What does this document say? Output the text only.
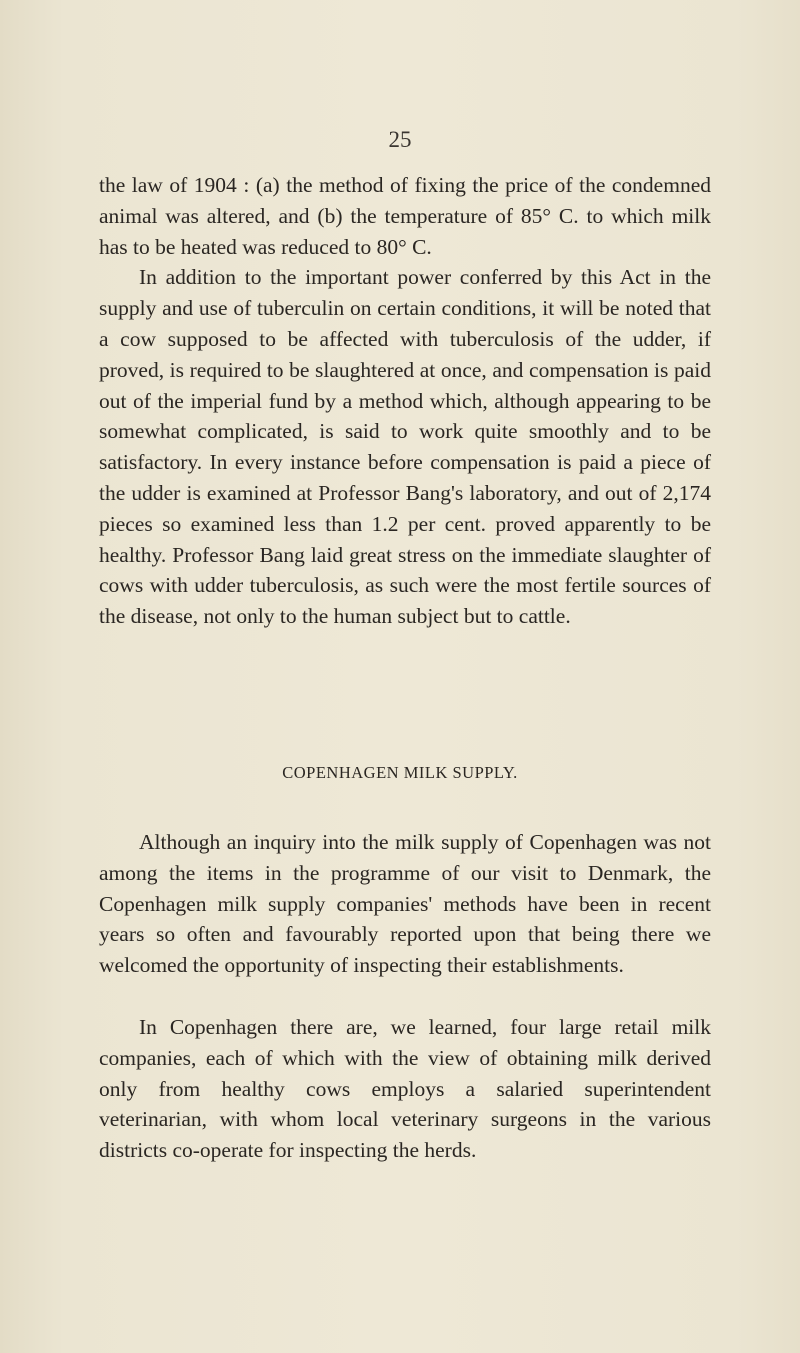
25

the law of 1904 : (a) the method of fixing the price of the condemned animal was altered, and (b) the temperature of 85° C. to which milk has to be heated was reduced to 80° C.

In addition to the important power conferred by this Act in the supply and use of tuberculin on certain conditions, it will be noted that a cow supposed to be affected with tuberculosis of the udder, if proved, is required to be slaughtered at once, and compensation is paid out of the imperial fund by a method which, although appearing to be somewhat complicated, is said to work quite smoothly and to be satisfactory. In every instance before compensation is paid a piece of the udder is examined at Professor Bang's laboratory, and out of 2,174 pieces so examined less than 1.2 per cent. proved apparently to be healthy. Professor Bang laid great stress on the immediate slaughter of cows with udder tuberculosis, as such were the most fertile sources of the disease, not only to the human subject but to cattle.

COPENHAGEN MILK SUPPLY.

Although an inquiry into the milk supply of Copenhagen was not among the items in the programme of our visit to Denmark, the Copenhagen milk supply companies' methods have been in recent years so often and favourably reported upon that being there we welcomed the opportunity of inspecting their establishments.

In Copenhagen there are, we learned, four large retail milk companies, each of which with the view of obtaining milk derived only from healthy cows employs a salaried superintendent veterinarian, with whom local veterinary surgeons in the various districts co-operate for inspecting the herds.
